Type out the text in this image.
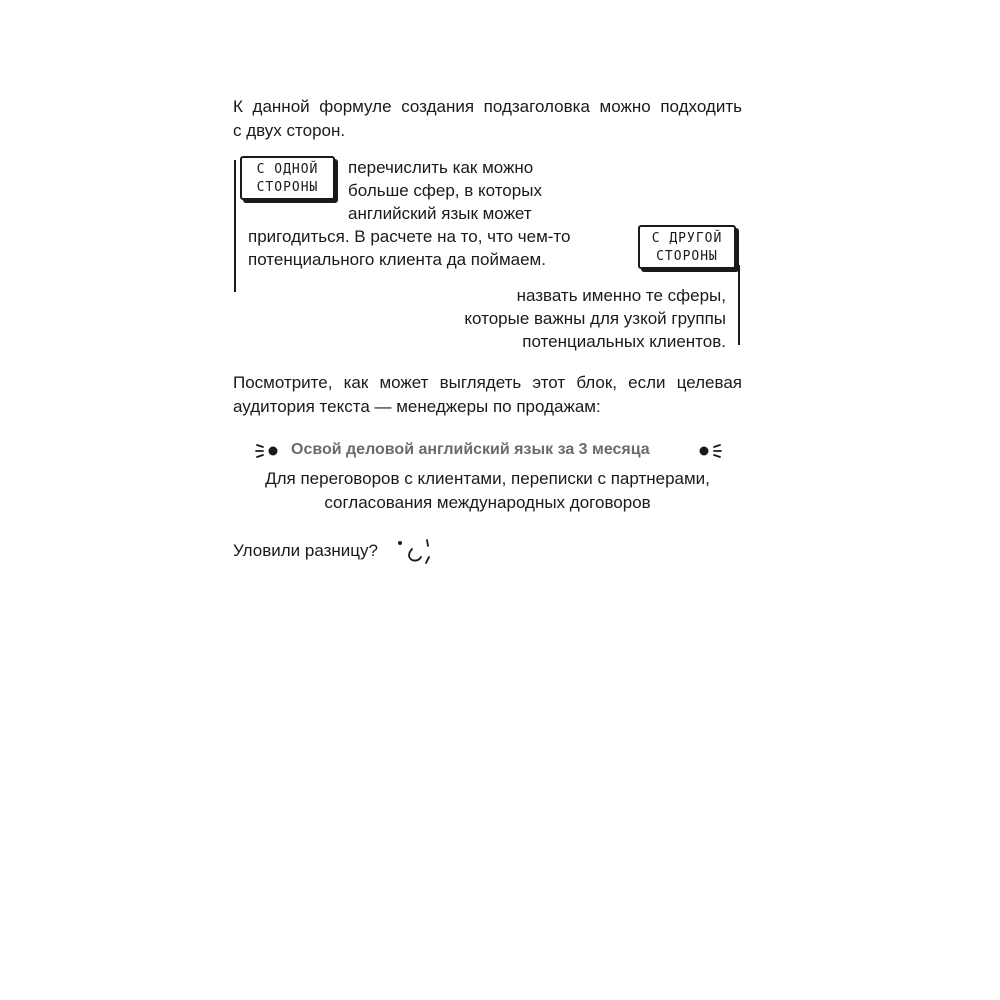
К данной формуле создания подзаголовка можно подходить
с двух сторон.
С ОДНОЙ
СТОРОНЫ
перечислить как можно
больше сфер, в которых
английский язык может
пригодиться. В расчете на то, что чем-то
потенциального клиента да поймаем.
С ДРУГОЙ
СТОРОНЫ
назвать именно те сферы,
которые важны для узкой группы
потенциальных клиентов.
Посмотрите, как может выглядеть этот блок, если целевая
аудитория текста — менеджеры по продажам:
Освой деловой английский язык за 3 месяца
Для переговоров с клиентами, переписки с партнерами,
согласования международных договоров
Уловили разницу?
